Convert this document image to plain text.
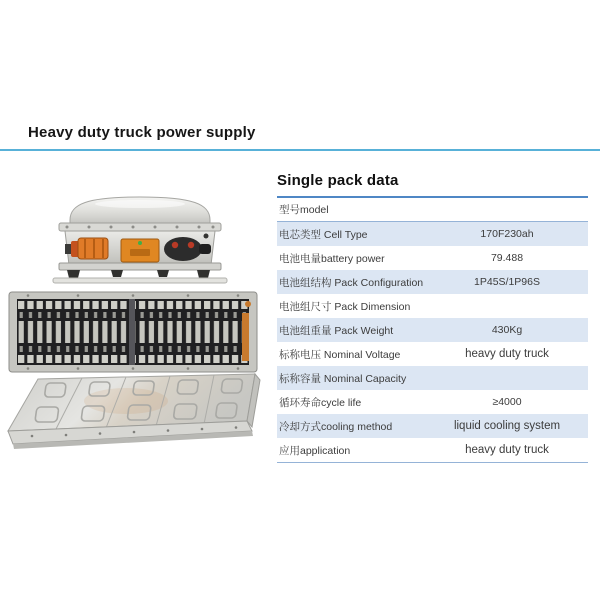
Heavy duty truck power supply
Single pack data
型号model
电芯类型 Cell Type	170F230ah
电池电量battery power	79.488
电池组结构 Pack Configuration	1P45S/1P96S
电池组尺寸 Pack Dimension
电池组重量 Pack Weight	430Kg
标称电压 Nominal Voltage	heavy duty truck
标称容量 Nominal Capacity
循环寿命cycle life	≥4000
冷却方式cooling method	liquid cooling system
应用application	heavy duty truck
